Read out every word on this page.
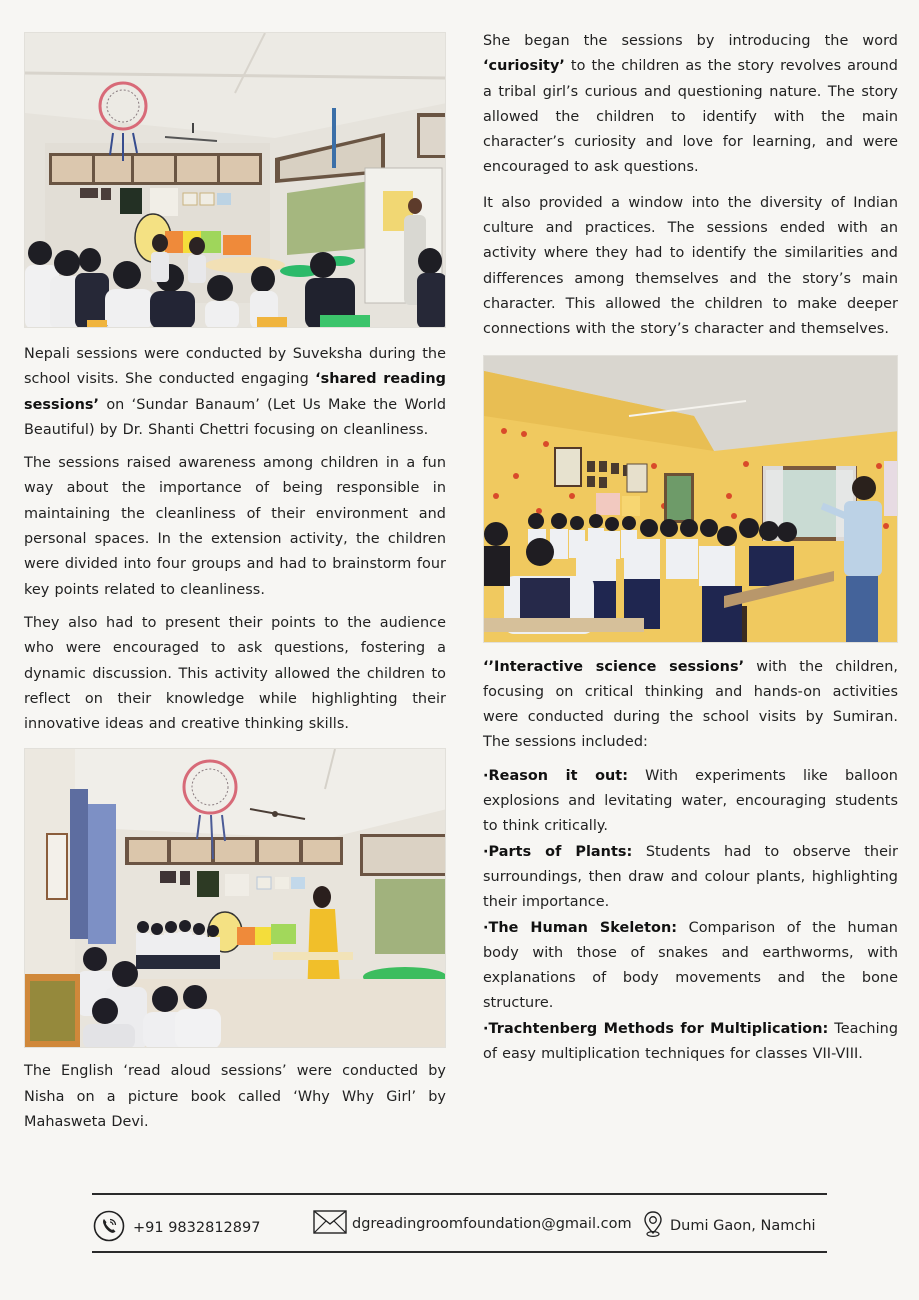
Nepali sessions were conducted by Suveksha during the school visits. She conducted engaging ‘shared reading sessions’ on ‘Sundar Banaum’ (Let Us Make the World Beautiful) by Dr. Shanti Chettri focusing on cleanliness.

The sessions raised awareness among children in a fun way about the importance of being responsible in maintaining the cleanliness of their environment and personal spaces. In the extension activity, the children were divided into four groups and had to brainstorm four key points related to cleanliness.

They also had to present their points to the audience who were encouraged to ask questions, fostering a dynamic discussion. This activity allowed the children to reflect on their knowledge while highlighting their innovative ideas and creative thinking skills.

The English ‘read aloud sessions’ were conducted by Nisha on a picture book called ‘Why Why Girl’ by Mahasweta Devi.

She began the sessions by introducing the word ‘curiosity’ to the children as the story revolves around a tribal girl’s curious and questioning nature. The story allowed the children to identify with the main character’s curiosity and love for learning, and were encouraged to ask questions.

It also provided a window into the diversity of Indian culture and practices. The sessions ended with an activity where they had to identify the similarities and differences among themselves and the story’s main character. This allowed the children to make deeper connections with the story’s character and themselves.

‘’Interactive science sessions’ with the children, focusing on critical thinking and hands-on activities were conducted during the school visits by Sumiran. The sessions included:

·Reason it out: With experiments like balloon explosions and levitating water, encouraging students to think critically.

·Parts of Plants: Students had to observe their surroundings, then draw and colour plants, highlighting their importance.

·The Human Skeleton: Comparison of the human body with those of snakes and earthworms, with explanations of body movements and the bone structure.

·Trachtenberg Methods for Multiplication: Teaching of easy multiplication techniques for classes VII-VIII.

+91 9832812897	dgreadingroomfoundation@gmail.com	Dumi Gaon, Namchi
